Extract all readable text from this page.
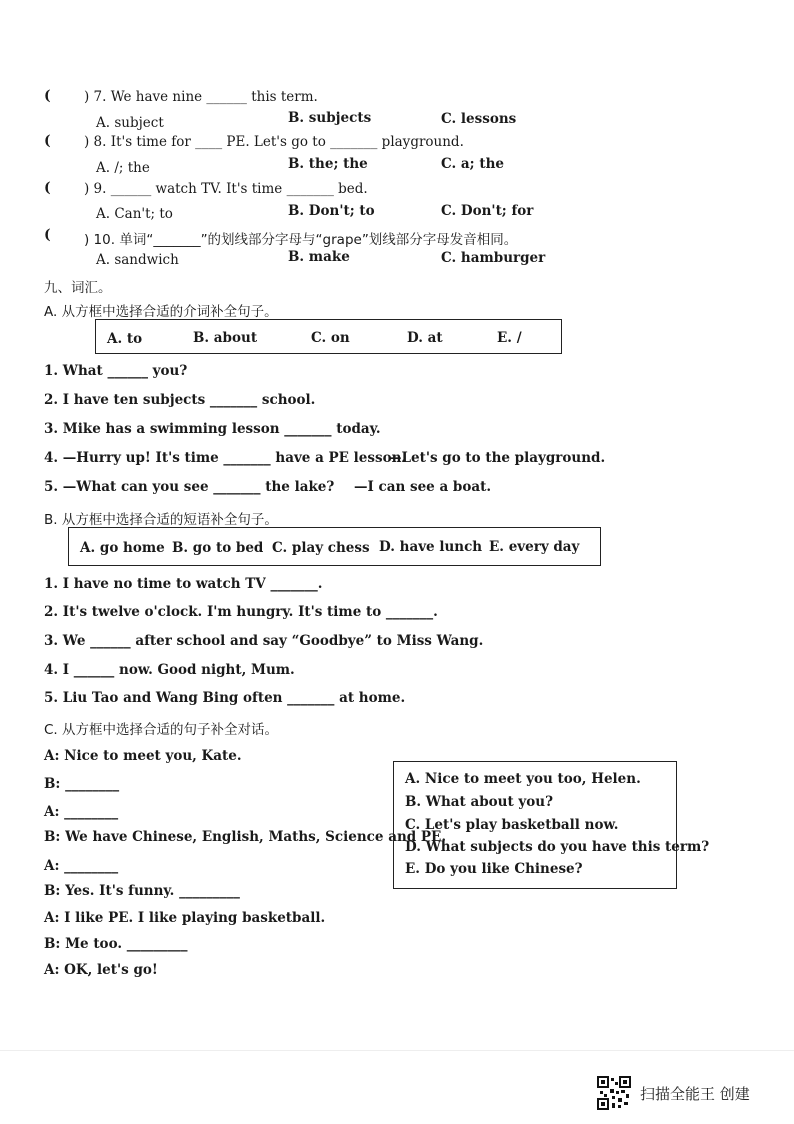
( ) 7. We have nine ______ this term.
A. subject	B. subjects	C. lessons
( ) 8. It's time for ____ PE. Let's go to _______ playground.
A. /; the	B. the; the	C. a; the
( ) 9. ______ watch TV. It's time _______ bed.
A. Can't; to	B. Don't; to	C. Don't; for
( ) 10. 单词“_______”的划线部分字母与“grape”划线部分字母发音相同。
A. sandwich	B. make	C. hamburger
九、词汇。
A. 从方框中选择合适的介词补全句子。
A. to	B. about	C. on	D. at	E. /
1. What ______ you?
2. I have ten subjects _______ school.
3. Mike has a swimming lesson _______ today.
4. —Hurry up! It's time _______ have a PE lesson.
—Let's go to the playground.
5. —What can you see _______ the lake? —I can see a boat.
B. 从方框中选择合适的短语补全句子。
A. go home B. go to bed C. play chess D. have lunch E. every day
1. I have no time to watch TV _______.
2. It's twelve o'clock. I'm hungry. It's time to _______.
3. We ______ after school and say “Goodbye” to Miss Wang.
4. I ______ now. Good night, Mum.
5. Liu Tao and Wang Bing often _______ at home.
C. 从方框中选择合适的句子补全对话。
A: Nice to meet you, Kate.
B: ________
A: ________
B: We have Chinese, English, Maths, Science and PE.
A: ________
B: Yes. It's funny. _________
A: I like PE. I like playing basketball.
B: Me too. _________
A: OK, let's go!
A. Nice to meet you too, Helen.
B. What about you?
C. Let's play basketball now.
D. What subjects do you have this term?
E. Do you like Chinese?
扫描全能王 创建
